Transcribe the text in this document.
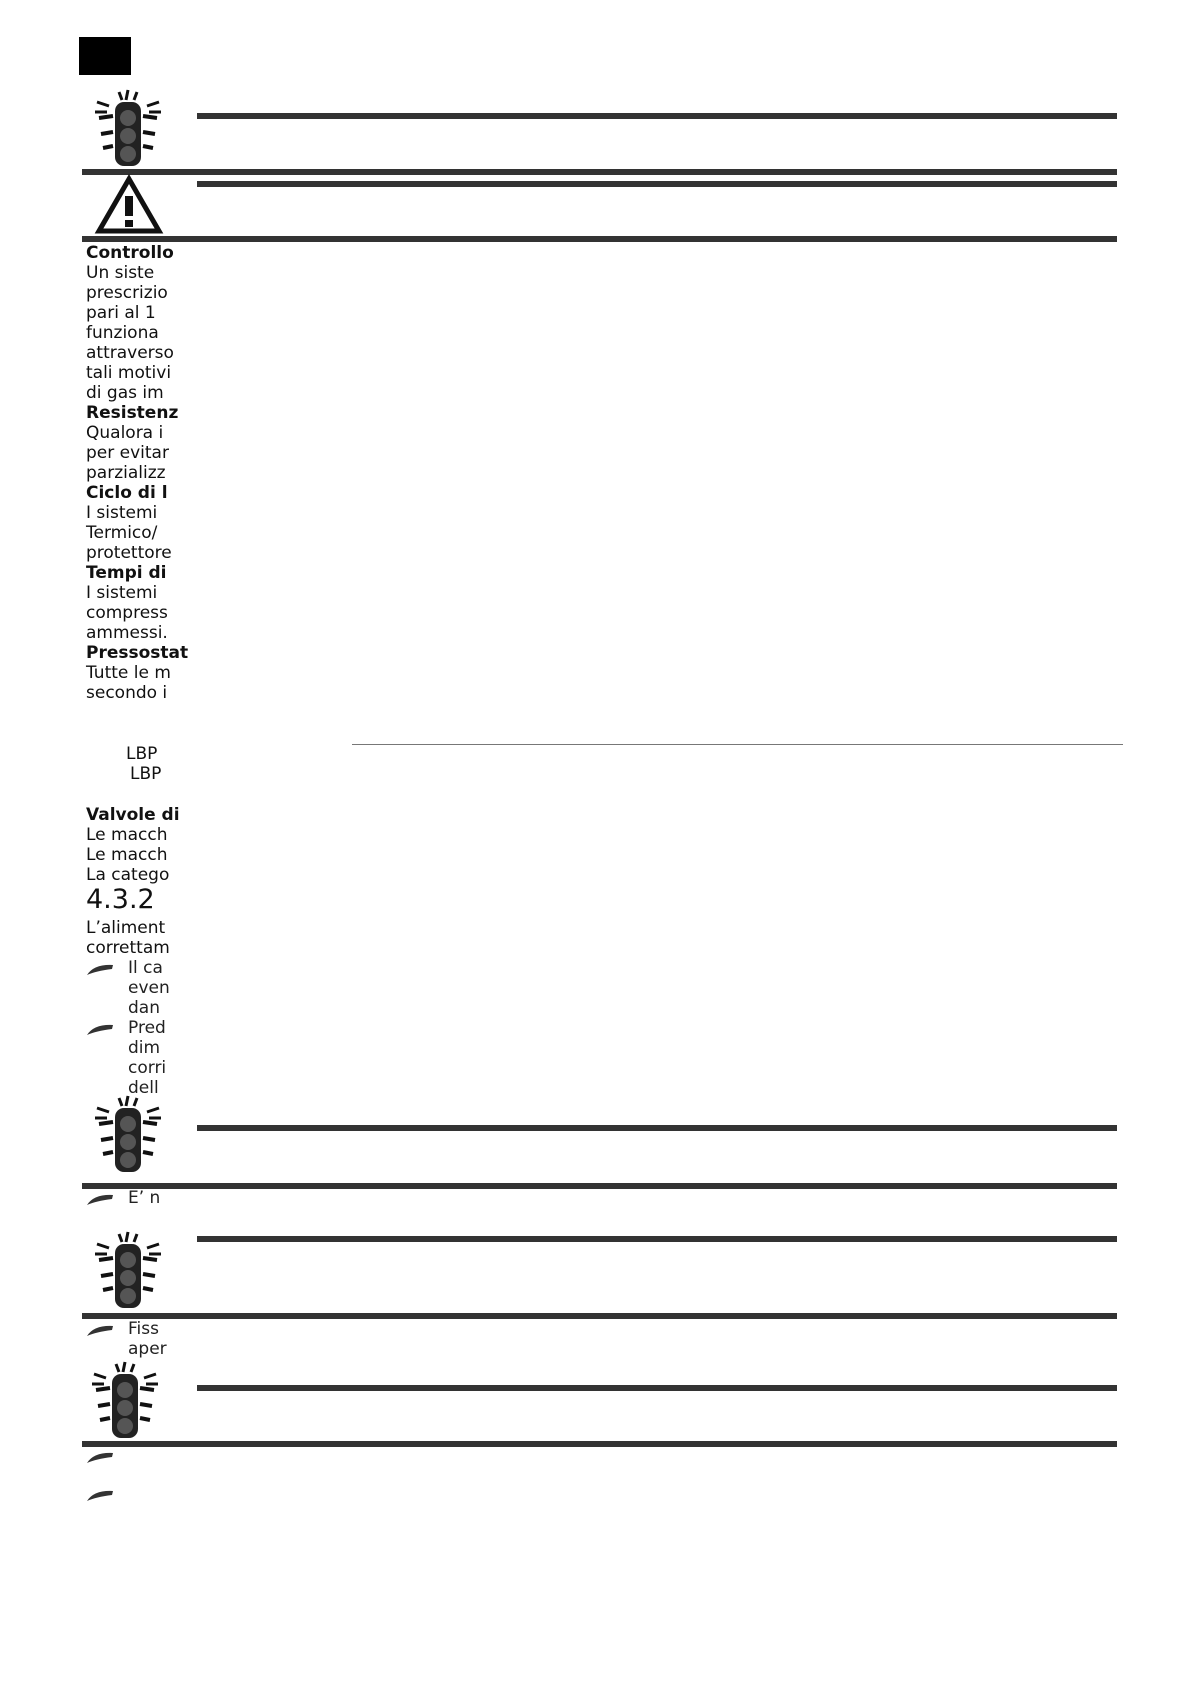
Controllo
Un siste
prescrizio
pari al 1
funziona
attraverso
tali motivi
di gas im
Resistenz
Qualora i
per evitar
parzializz
Ciclo di l
I sistemi
Termico/
protettore
Tempi di
I sistemi
compress
ammessi.
Pressostat
Tutte le m
secondo i
LBP
LBP
Valvole di
Le macch
Le macch
La catego
4.3.2
L’aliment
correttam
Il ca
even
dan
Pred
dim
corri
dell
E’ n
Fiss
aper
